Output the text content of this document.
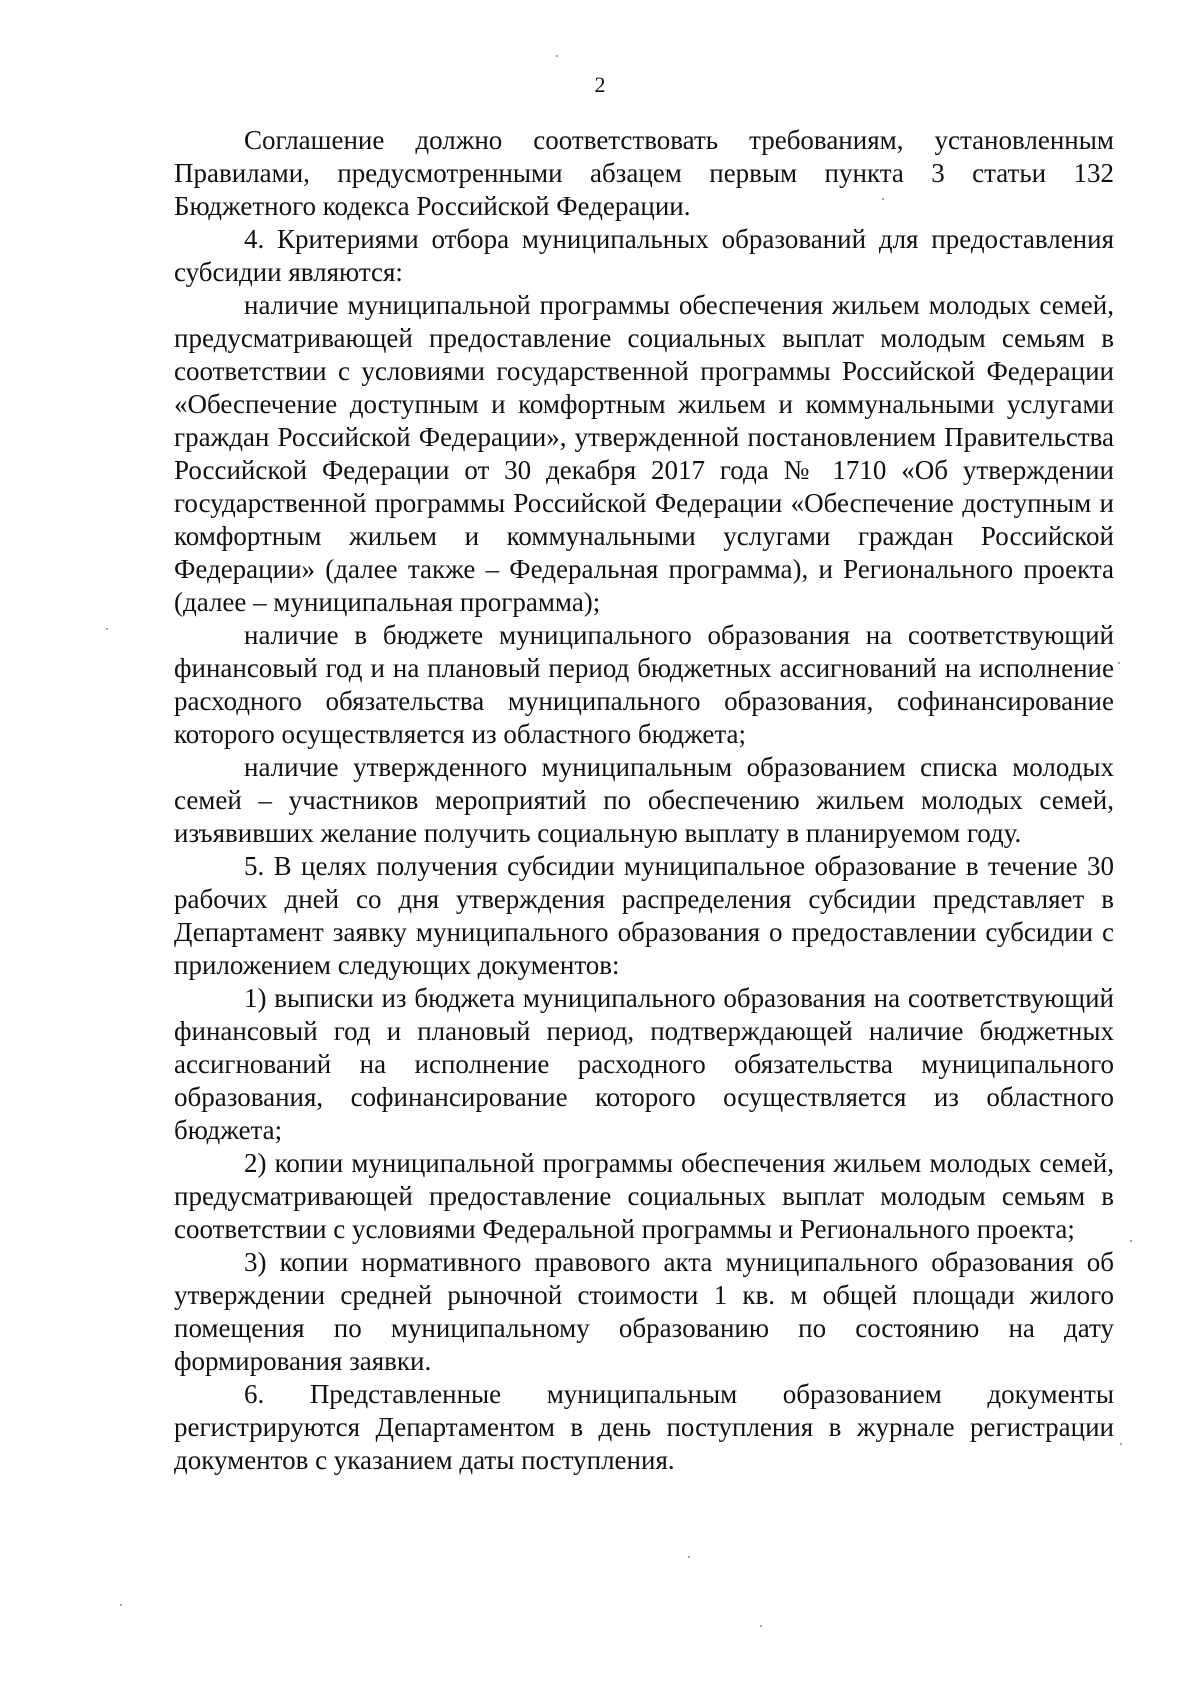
2

Соглашение должно соответствовать требованиям, установленным Правилами, предусмотренными абзацем первым пункта 3 статьи 132 Бюджетного кодекса Российской Федерации.

4. Критериями отбора муниципальных образований для предоставления субсидии являются:

наличие муниципальной программы обеспечения жильем молодых семей, предусматривающей предоставление социальных выплат молодым семьям в соответствии с условиями государственной программы Российской Федерации «Обеспечение доступным и комфортным жильем и коммунальными услугами граждан Российской Федерации», утвержденной постановлением Правительства Российской Федерации от 30 декабря 2017 года № 1710 «Об утверждении государственной программы Российской Федерации «Обеспечение доступным и комфортным жильем и коммунальными услугами граждан Российской Федерации» (далее также – Федеральная программа), и Регионального проекта (далее – муниципальная программа);

наличие в бюджете муниципального образования на соответствующий финансовый год и на плановый период бюджетных ассигнований на исполнение расходного обязательства муниципального образования, софинансирование которого осуществляется из областного бюджета;

наличие утвержденного муниципальным образованием списка молодых семей – участников мероприятий по обеспечению жильем молодых семей, изъявивших желание получить социальную выплату в планируемом году.

5. В целях получения субсидии муниципальное образование в течение 30 рабочих дней со дня утверждения распределения субсидии представляет в Департамент заявку муниципального образования о предоставлении субсидии с приложением следующих документов:

1) выписки из бюджета муниципального образования на соответствующий финансовый год и плановый период, подтверждающей наличие бюджетных ассигнований на исполнение расходного обязательства муниципального образования, софинансирование которого осуществляется из областного бюджета;

2) копии муниципальной программы обеспечения жильем молодых семей, предусматривающей предоставление социальных выплат молодым семьям в соответствии с условиями Федеральной программы и Регионального проекта;

3) копии нормативного правового акта муниципального образования об утверждении средней рыночной стоимости 1 кв. м общей площади жилого помещения по муниципальному образованию по состоянию на дату формирования заявки.

6. Представленные муниципальным образованием документы регистрируются Департаментом в день поступления в журнале регистрации документов с указанием даты поступления.
